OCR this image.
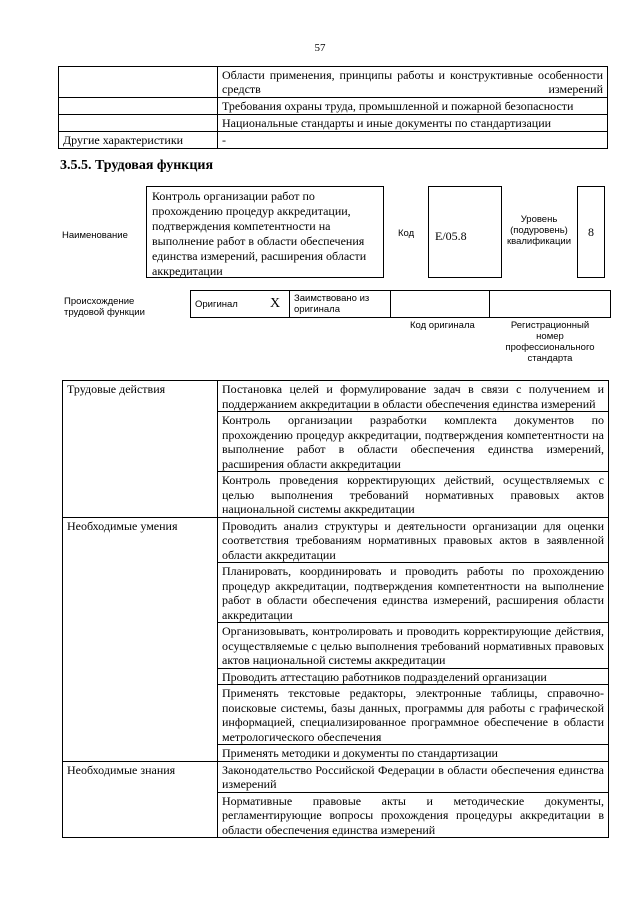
57
	Области применения, принципы работы и конструктивные особенности средств измерений
	Требования охраны труда, промышленной и пожарной безопасности
	Национальные стандарты и иные документы по стандартизации
Другие характеристики	-
3.5.5. Трудовая функция
Наименование
Контроль организации работ по прохождению процедур аккредитации, подтверждения компетентности на выполнение работ в области обеспечения единства измерений, расширения области аккредитации
Код	E/05.8
Уровень (подуровень) квалификации
8
Происхождение трудовой функции
Оригинал	X	Заимствовано из оригинала		
Код оригинала	Регистрационный номер профессионального стандарта
Трудовые действия	Постановка целей и формулирование задач в связи с получением и поддержанием аккредитации в области обеспечения единства измерений
	Контроль организации разработки комплекта документов по прохождению процедур аккредитации, подтверждения компетентности на выполнение работ в области обеспечения единства измерений, расширения области аккредитации
	Контроль проведения корректирующих действий, осуществляемых с целью выполнения требований нормативных правовых актов национальной системы аккредитации
Необходимые умения	Проводить анализ структуры и деятельности организации для оценки соответствия требованиям нормативных правовых актов в заявленной области аккредитации
	Планировать, координировать и проводить работы по прохождению процедур аккредитации, подтверждения компетентности на выполнение работ в области обеспечения единства измерений, расширения области аккредитации
	Организовывать, контролировать и проводить корректирующие действия, осуществляемые с целью выполнения требований нормативных правовых актов национальной системы аккредитации
	Проводить аттестацию работников подразделений организации
	Применять текстовые редакторы, электронные таблицы, справочно-поисковые системы, базы данных, программы для работы с графической информацией, специализированное программное обеспечение в области метрологического обеспечения
	Применять методики и документы по стандартизации
Необходимые знания	Законодательство Российской Федерации в области обеспечения единства измерений
	Нормативные правовые акты и методические документы, регламентирующие вопросы прохождения процедуры аккредитации в области обеспечения единства измерений
